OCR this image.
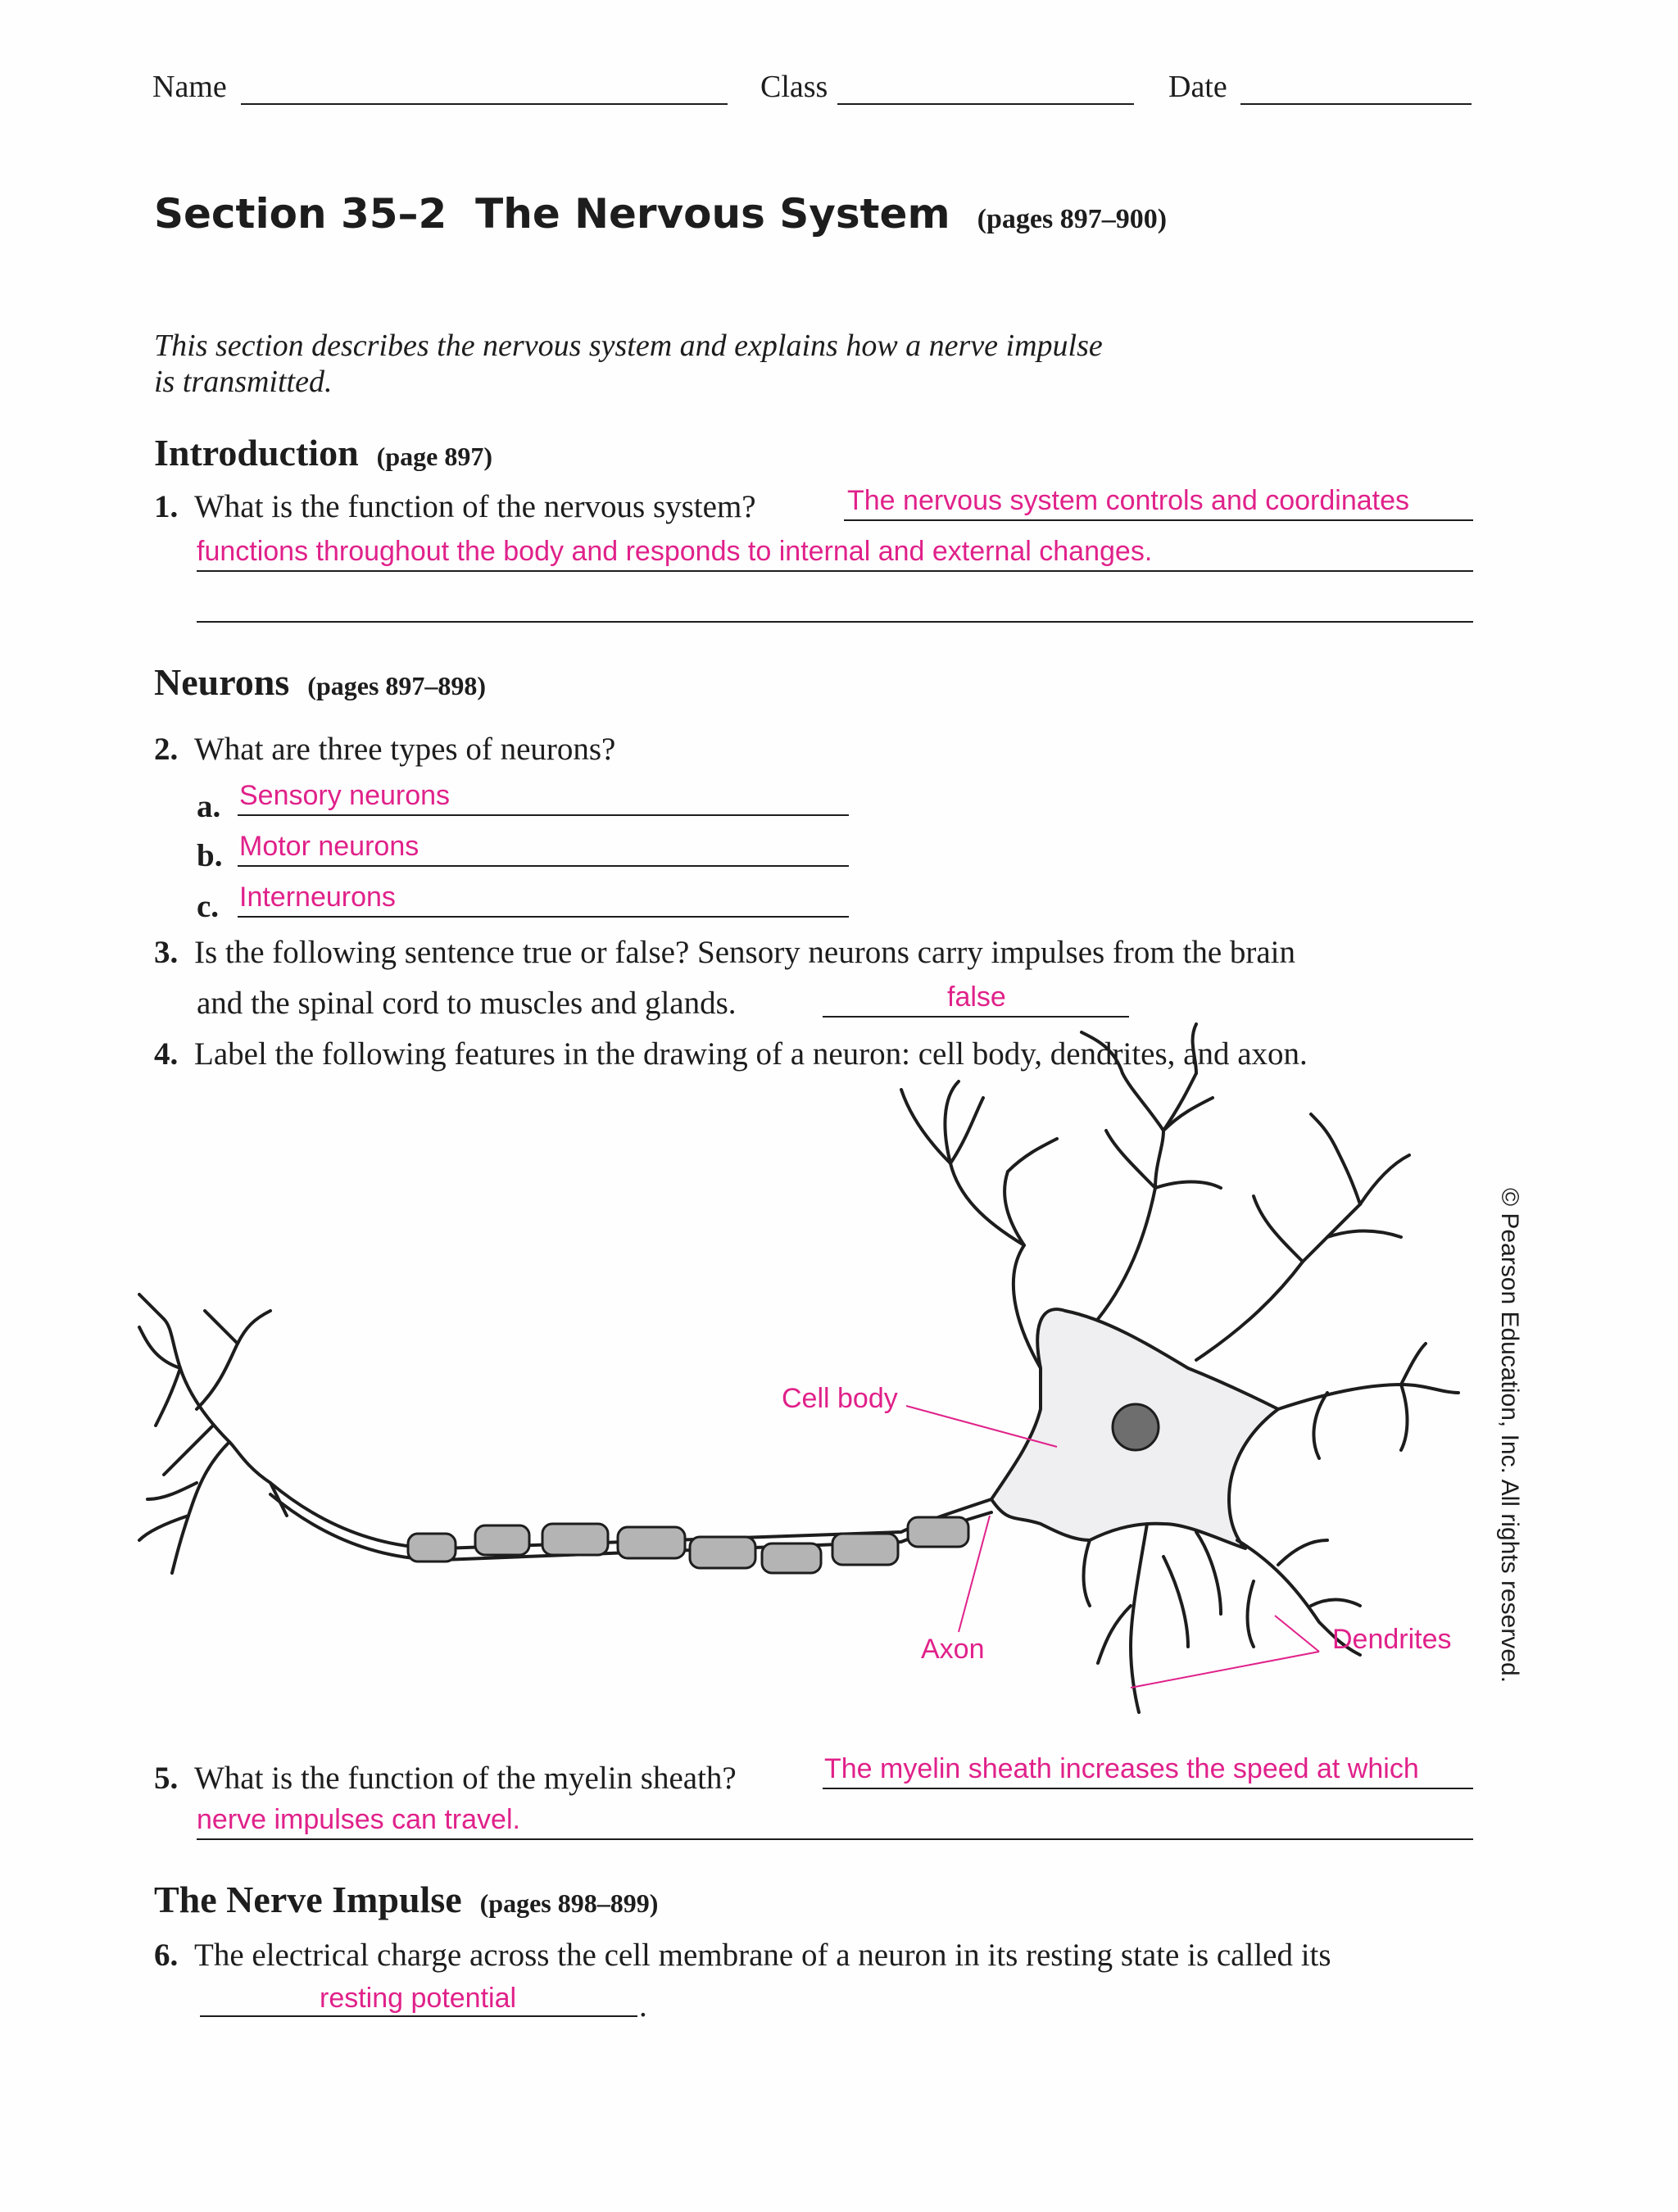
Name	Class	Date
Section 35–2  The Nervous System (pages 897–900)
This section describes the nervous system and explains how a nerve impulse
is transmitted.
Introduction (page 897)
1. What is the function of the nervous system?	The nervous system controls and coordinates
functions throughout the body and responds to internal and external changes.
Neurons (pages 897–898)
2. What are three types of neurons?
a. Sensory neurons
b. Motor neurons
c. Interneurons
3. Is the following sentence true or false? Sensory neurons carry impulses from the brain
and the spinal cord to muscles and glands.	false
4. Label the following features in the drawing of a neuron: cell body, dendrites, and axon.
Cell body
Axon	Dendrites
5. What is the function of the myelin sheath?	The myelin sheath increases the speed at which
nerve impulses can travel.
The Nerve Impulse (pages 898–899)
6. The electrical charge across the cell membrane of a neuron in its resting state is called its
resting potential	.
© Pearson Education, Inc. All rights reserved.
